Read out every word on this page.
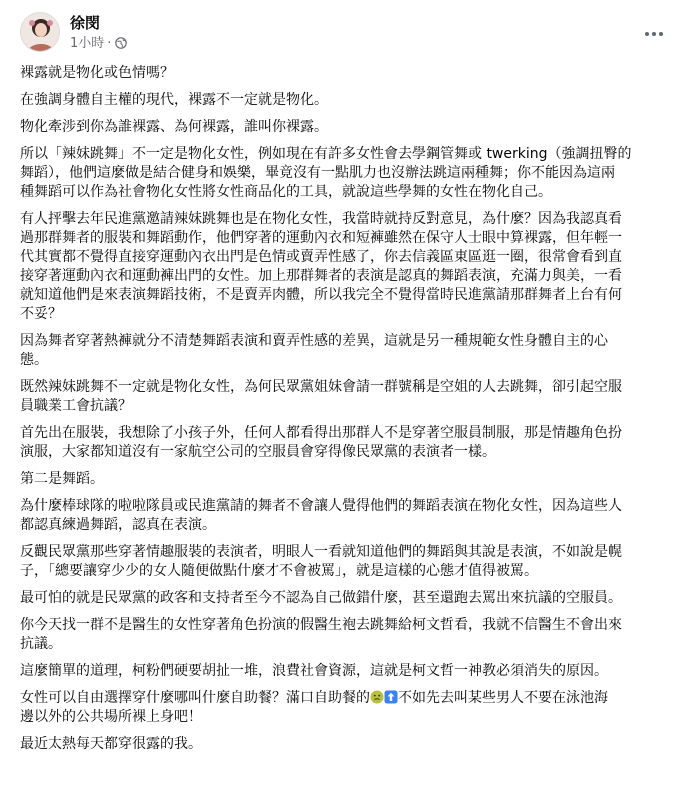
徐閔
1小時 ·

裸露就是物化或色情嗎？

在強調身體自主權的現代，裸露不一定就是物化。

物化牽涉到你為誰裸露、為何裸露，誰叫你裸露。

所以「辣妹跳舞」不一定是物化女性，例如現在有許多女性會去學鋼管舞或 twerking（強調扭臀的
舞蹈），他們這麼做是結合健身和娛樂，畢竟沒有一點肌力也沒辦法跳這兩種舞；你不能因為這兩
種舞蹈可以作為社會物化女性將女性商品化的工具，就說這些學舞的女性在物化自己。

有人抨擊去年民進黨邀請辣妹跳舞也是在物化女性，我當時就持反對意見，為什麼？因為我認真看
過那群舞者的服裝和舞蹈動作，他們穿著的運動內衣和短褲雖然在保守人士眼中算裸露，但年輕一
代其實都不覺得直接穿運動內衣出門是色情或賣弄性感了，你去信義區東區逛一圈，很常會看到直
接穿著運動內衣和運動褲出門的女性。加上那群舞者的表演是認真的舞蹈表演，充滿力與美，一看
就知道他們是來表演舞蹈技術，不是賣弄肉體，所以我完全不覺得當時民進黨請那群舞者上台有何
不妥？

因為舞者穿著熱褲就分不清楚舞蹈表演和賣弄性感的差異，這就是另一種規範女性身體自主的心
態。

既然辣妹跳舞不一定就是物化女性，為何民眾黨姐妹會請一群號稱是空姐的人去跳舞，卻引起空服
員職業工會抗議？

首先出在服裝，我想除了小孩子外，任何人都看得出那群人不是穿著空服員制服，那是情趣角色扮
演服，大家都知道沒有一家航空公司的空服員會穿得像民眾黨的表演者一樣。

第二是舞蹈。

為什麼棒球隊的啦啦隊員或民進黨請的舞者不會讓人覺得他們的舞蹈表演在物化女性，因為這些人
都認真練過舞蹈，認真在表演。

反觀民眾黨那些穿著情趣服裝的表演者，明眼人一看就知道他們的舞蹈與其說是表演，不如說是幌
子，「總要讓穿少少的女人隨便做點什麼才不會被罵」，就是這樣的心態才值得被罵。

最可怕的就是民眾黨的政客和支持者至今不認為自己做錯什麼，甚至還跑去罵出來抗議的空服員。

你今天找一群不是醫生的女性穿著角色扮演的假醫生袍去跳舞給柯文哲看，我就不信醫生不會出來
抗議。

這麼簡單的道理，柯粉們硬要胡扯一堆，浪費社會資源，這就是柯文哲一神教必須消失的原因。

女性可以自由選擇穿什麼哪叫什麼自助餐？滿口自助餐的 不如先去叫某些男人不要在泳池海
邊以外的公共場所裸上身吧！

最近太熱每天都穿很露的我。
